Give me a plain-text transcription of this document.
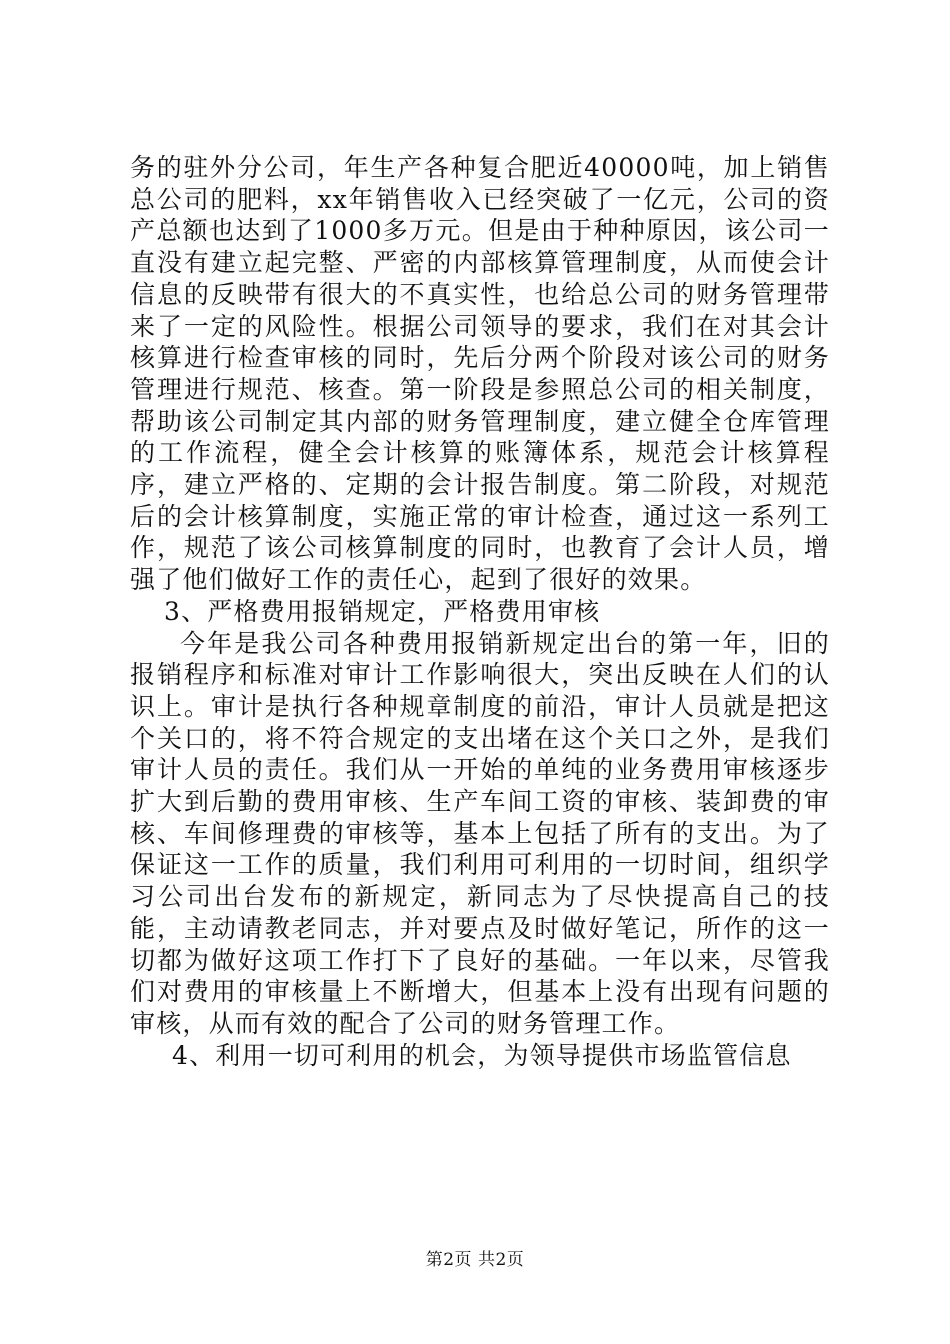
务的驻外分公司，年生产各种复合肥近40000吨，加上销售总公司的肥料，xx年销售收入已经突破了一亿元，公司的资产总额也达到了1000多万元。但是由于种种原因，该公司一直没有建立起完整、严密的内部核算管理制度，从而使会计信息的反映带有很大的不真实性，也给总公司的财务管理带来了一定的风险性。根据公司领导的要求，我们在对其会计核算进行检查审核的同时，先后分两个阶段对该公司的财务管理进行规范、核查。第一阶段是参照总公司的相关制度，帮助该公司制定其内部的财务管理制度，建立健全仓库管理的工作流程，健全会计核算的账簿体系，规范会计核算程序，建立严格的、定期的会计报告制度。第二阶段，对规范后的会计核算制度，实施正常的审计检查，通过这一系列工作，规范了该公司核算制度的同时，也教育了会计人员，增强了他们做好工作的责任心，起到了很好的效果。

3、严格费用报销规定，严格费用审核

今年是我公司各种费用报销新规定出台的第一年，旧的报销程序和标准对审计工作影响很大，突出反映在人们的认识上。审计是执行各种规章制度的前沿，审计人员就是把这个关口的，将不符合规定的支出堵在这个关口之外，是我们审计人员的责任。我们从一开始的单纯的业务费用审核逐步扩大到后勤的费用审核、生产车间工资的审核、装卸费的审核、车间修理费的审核等，基本上包括了所有的支出。为了保证这一工作的质量，我们利用可利用的一切时间，组织学习公司出台发布的新规定，新同志为了尽快提高自己的技能，主动请教老同志，并对要点及时做好笔记，所作的这一切都为做好这项工作打下了良好的基础。一年以来，尽管我们对费用的审核量上不断增大，但基本上没有出现有问题的审核，从而有效的配合了公司的财务管理工作。

4、利用一切可利用的机会，为领导提供市场监管信息

第2页 共2页
